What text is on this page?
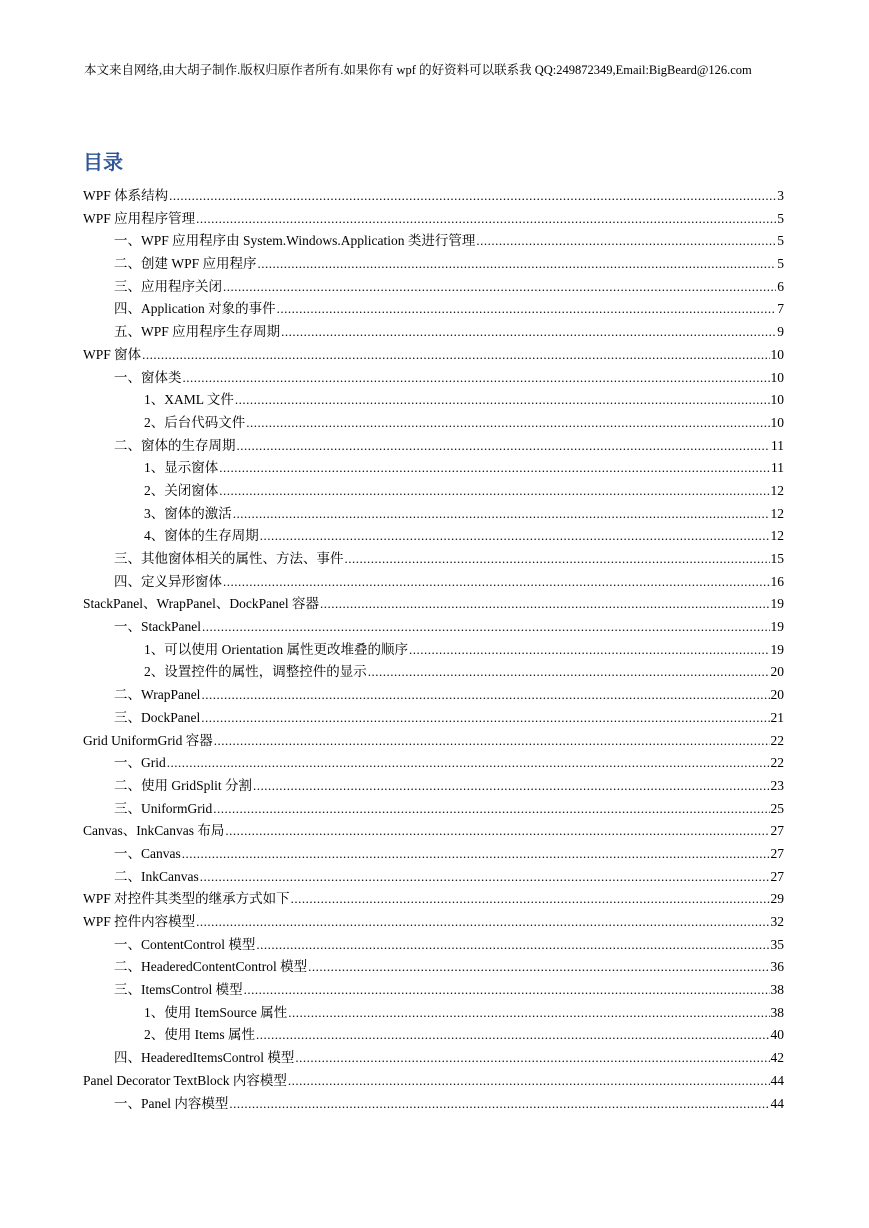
本文来自网络,由大胡子制作.版权归原作者所有.如果你有 wpf 的好资料可以联系我 QQ:249872349,Email:BigBeard@126.com
目录
WPF 体系结构 .....	3
WPF 应用程序管理 .....	5
一、WPF 应用程序由 System.Windows.Application 类进行管理 .....	5
二、创建 WPF 应用程序 .....	5
三、应用程序关闭 .....	6
四、Application 对象的事件 .....	7
五、WPF 应用程序生存周期 .....	9
WPF 窗体 .....	10
一、窗体类 .....	10
1、XAML 文件 .....	10
2、后台代码文件 .....	10
二、窗体的生存周期 .....	11
1、显示窗体 .....	11
2、关闭窗体 .....	12
3、窗体的激活 .....	12
4、窗体的生存周期 .....	12
三、其他窗体相关的属性、方法、事件 .....	15
四、定义异形窗体 .....	16
StackPanel、WrapPanel、DockPanel 容器 .....	19
一、StackPanel .....	19
1、可以使用 Orientation 属性更改堆叠的顺序 .....	19
2、设置控件的属性，调整控件的显示 .....	20
二、WrapPanel .....	20
三、DockPanel .....	21
Grid UniformGrid 容器 .....	22
一、Grid .....	22
二、使用 GridSplit 分割 .....	23
三、UniformGrid .....	25
Canvas、InkCanvas 布局 .....	27
一、Canvas .....	27
二、InkCanvas .....	27
WPF 对控件其类型的继承方式如下 .....	29
WPF 控件内容模型 .....	32
一、ContentControl 模型 .....	35
二、HeaderedContentControl 模型 .....	36
三、ItemsControl 模型 .....	38
1、使用 ItemSource 属性 .....	38
2、使用 Items 属性 .....	40
四、HeaderedItemsControl 模型 .....	42
Panel Decorator TextBlock 内容模型 .....	44
一、Panel 内容模型 .....	44
